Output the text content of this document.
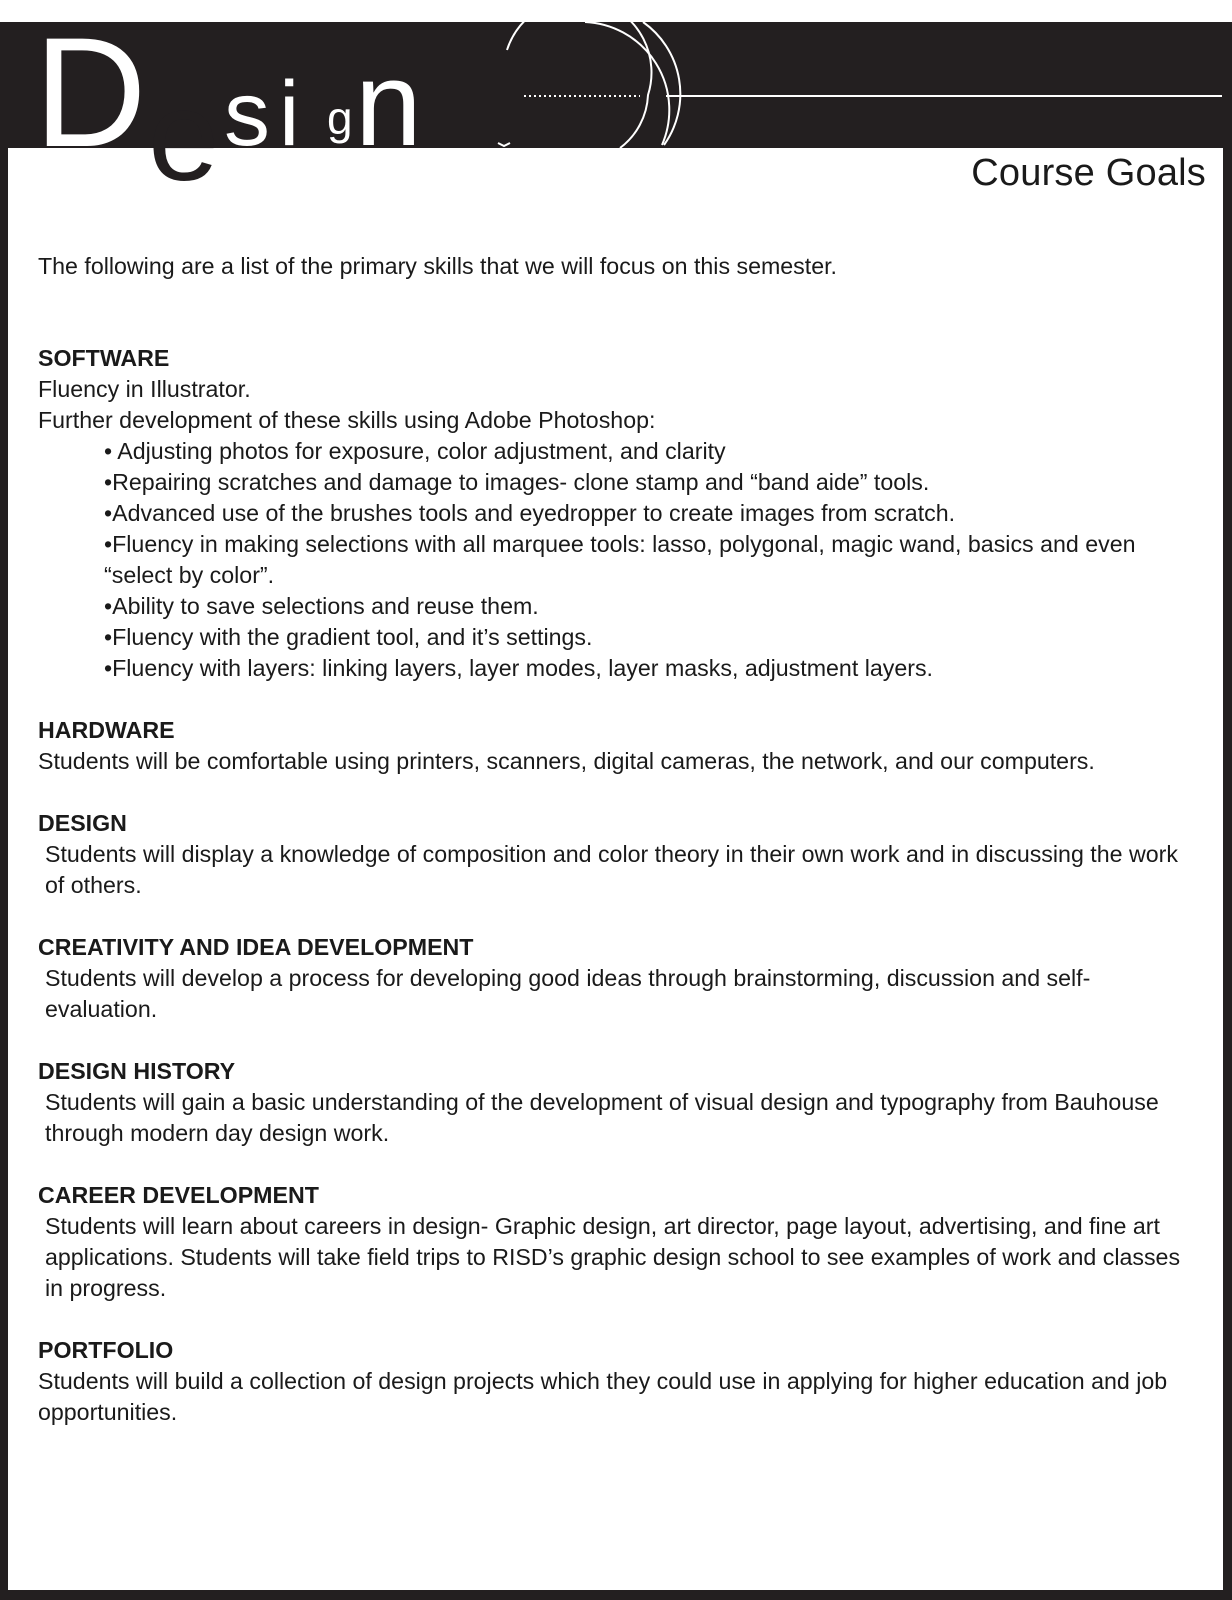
D e s i g n
Course Goals

The following are a list of the primary skills that we will focus on this semester.

SOFTWARE
Fluency in Illustrator.
Further development of these skills using Adobe Photoshop:
• Adjusting photos for exposure, color adjustment, and clarity
•Repairing scratches and damage to images- clone stamp and “band aide” tools.
•Advanced use of the brushes tools and eyedropper to create images from scratch.
•Fluency in making selections with all marquee tools: lasso, polygonal, magic wand, basics and even “select by color”.
•Ability to save selections and reuse them.
•Fluency with the gradient tool, and it’s settings.
•Fluency with layers: linking layers, layer modes, layer masks, adjustment layers.
HARDWARE
Students will be comfortable using printers, scanners, digital cameras, the network, and our computers.
DESIGN
Students will display a knowledge of composition and color theory in their own work and in discussing the work of others.
CREATIVITY AND IDEA DEVELOPMENT
Students will develop a process for developing good ideas through brainstorming, discussion and self-evaluation.
DESIGN HISTORY
Students will gain a basic understanding of the development of visual design and typography from Bauhouse through modern day design work.
CAREER DEVELOPMENT
Students will learn about careers in design- Graphic design, art director, page layout, advertising, and fine art applications. Students will take field trips to RISD’s graphic design school to see examples of work and classes in progress.
PORTFOLIO
Students will build a collection of design projects which they could use in applying for higher education and job opportunities.
